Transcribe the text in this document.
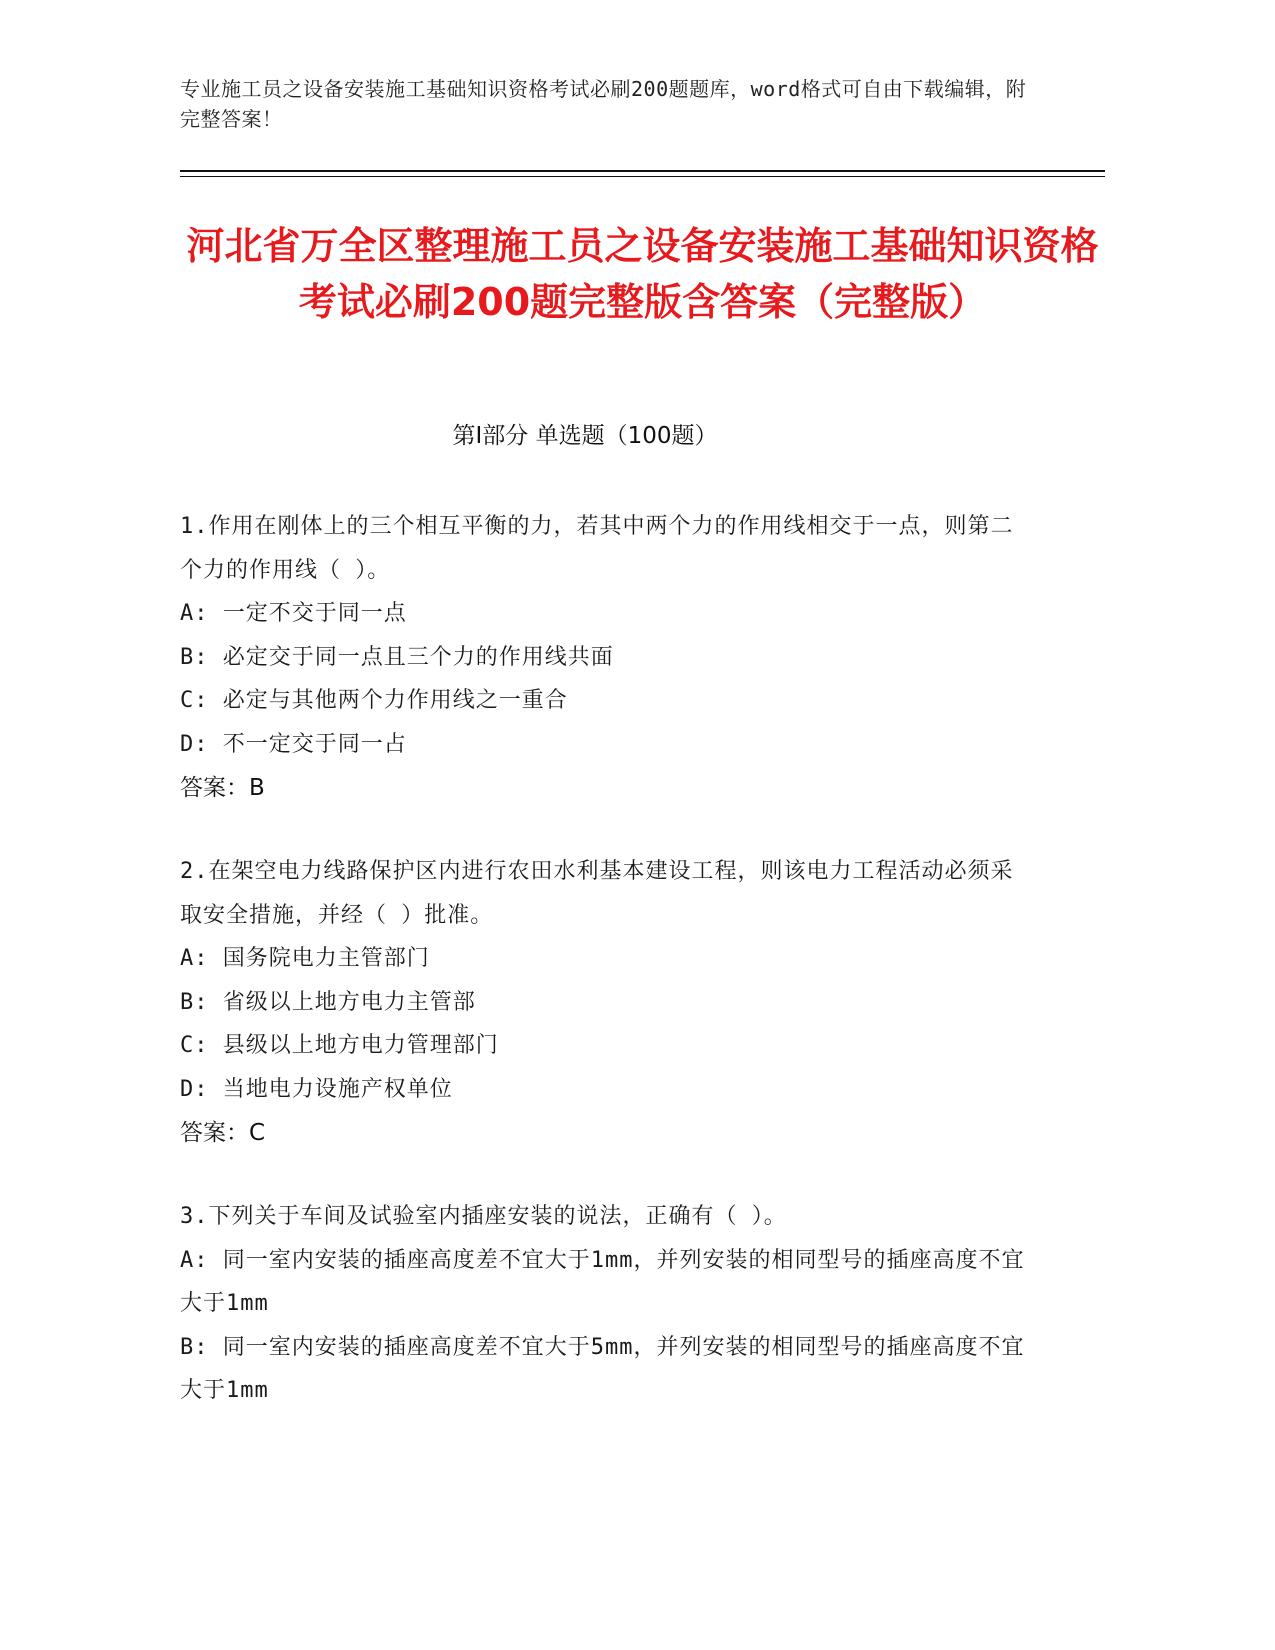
专业施工员之设备安装施工基础知识资格考试必刷200题题库，word格式可自由下载编辑，附完整答案！
河北省万全区整理施工员之设备安装施工基础知识资格考试必刷200题完整版含答案（完整版）
第Ⅰ部分 单选题（100题）

1.作用在刚体上的三个相互平衡的力，若其中两个力的作用线相交于一点，则第二个力的作用线（ ）。

A: 一定不交于同一点

B: 必定交于同一点且三个力的作用线共面

C: 必定与其他两个力作用线之一重合

D: 不一定交于同一占

答案：B

2.在架空电力线路保护区内进行农田水利基本建设工程，则该电力工程活动必须采取安全措施，并经（ ）批准。

A: 国务院电力主管部门

B: 省级以上地方电力主管部

C: 县级以上地方电力管理部门

D: 当地电力设施产权单位

答案：C

3.下列关于车间及试验室内插座安装的说法，正确有（ ）。

A: 同一室内安装的插座高度差不宜大于1mm，并列安装的相同型号的插座高度不宜大于1mm

B: 同一室内安装的插座高度差不宜大于5mm，并列安装的相同型号的插座高度不宜大于1mm
